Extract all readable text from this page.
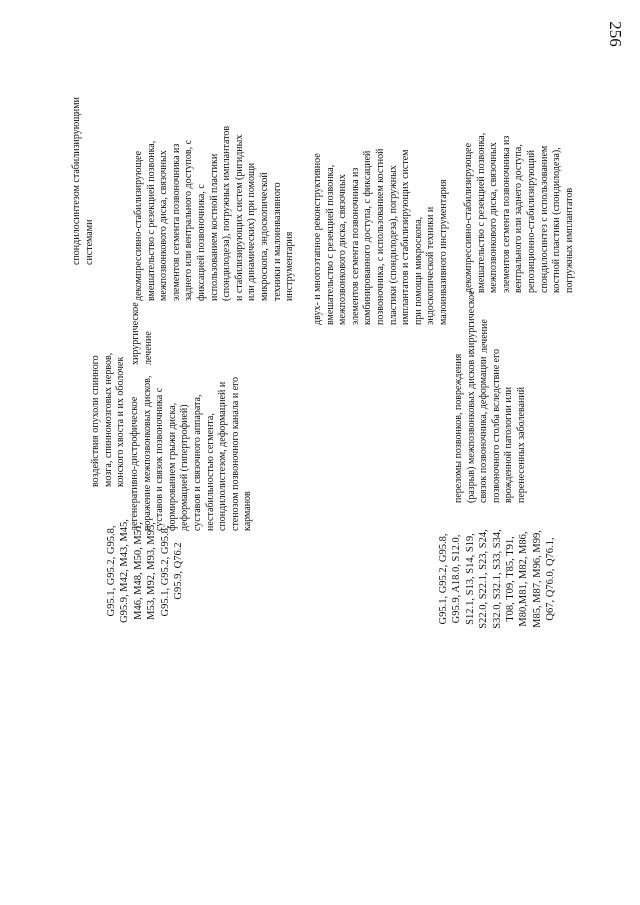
256
воздействия опухоли спинного
мозга, спинномозговых нервов,
конского хвоста и их оболочек
спондилосинтезом стабилизирующими
системами
G95.1, G95.2, G95.8,
G95.9, M42, M43, M45,
M46, M48, M50, M51,
M53, M92, M93, M95,
G95.1, G95.2, G95.8,
G95.9, Q76.2
дегенеративно-дистрофическое
поражение межпозвонковых дисков,
суставов и связок позвоночника с
формированием грыжи диска,
деформацией (гипертрофией)
суставов и связочного аппарата,
нестабильностью сегмента,
спондилолистезом, деформацией и
стенозом позвоночного канала и его
карманов
хирургическое
лечение
декомпрессивно-стабилизирующее
вмешательство с резекцией позвонка,
межпозвонкового диска, связочных
элементов сегмента позвоночника из
заднего или вентрального доступов, с
фиксацией позвоночника, с
использованием костной пластики
(спондилодеза), погружных имплантатов
и стабилизирующих систем (ригидных
или динамических) при помощи
микроскопа, эндоскопической
техники и малоинвазивного
инструментария
двух- и многоэтапное реконструктивное
вмешательство с резекцией позвонка,
межпозвонкового диска, связочных
элементов сегмента позвоночника из
комбинированного доступа, с фиксацией
позвоночника, с использованием костной
пластики (спондилодеза), погружных
имплантатов и стабилизирующих систем
при помощи микроскопа,
эндоскопической техники и
малоинвазивного инструментария
G95.1, G95.2, G95.8,
G95.9, A18.0, S12.0,
S12.1, S13, S14, S19,
S22.0, S22.1, S23, S24,
S32.0, S32.1, S33, S34,
T08, T09, T85, T91,
M80,M81, M82, M86,
M85, M87, M96, M99,
Q67, Q76.0, Q76.1,
переломы позвонков, повреждения
(разрыв) межпозвонковых дисков и
связок позвоночника, деформации
позвоночного столба вследствие его
врожденной патологии или
перенесенных заболеваний
хирургическое
лечение
декомпрессивно-стабилизирующее
вмешательство с резекцией позвонка,
межпозвонкового диска, связочных
элементов сегмента позвоночника из
вентрального или заднего доступа,
репозиционно-стабилизирующий
спондилосинтез с использованием
костной пластики (спондилодеза),
погружных имплантатов
